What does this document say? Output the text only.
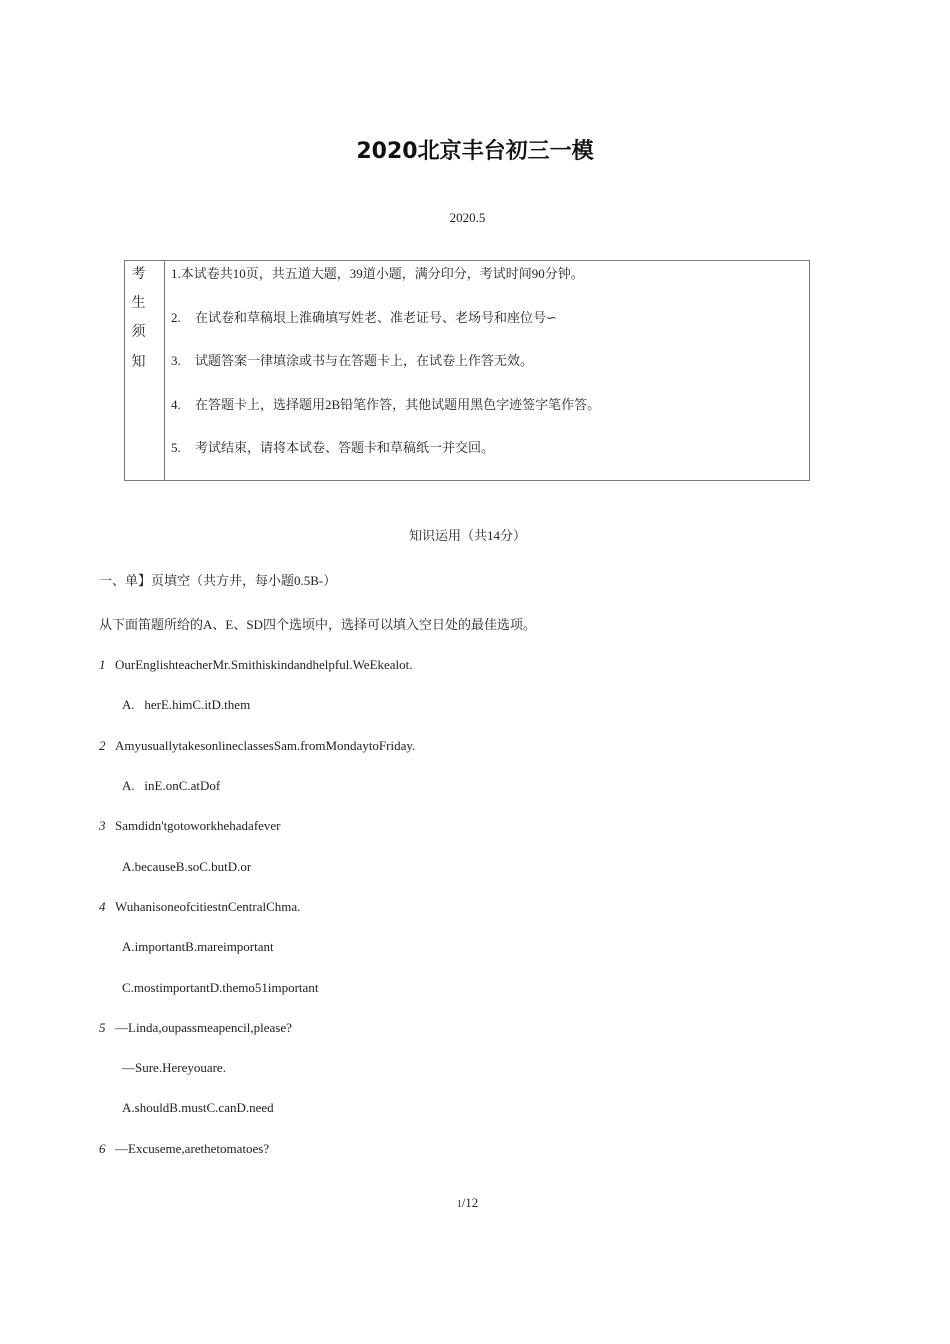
2020北京丰台初三一模
2020.5
考
生
须
知
1.本试卷共10页，共五道大题，39道小题，满分印分，考试时间90分钟。
2. 在试卷和草稿垠上淮确填写姓老、准老证号、老场号和座位号∽
3. 试题答案一律填涂或书与在答题卡上，在试卷上作答无效。
4. 在答题卡上，选择题用2B铅笔作答，其他试题用黑色字迹签字笔作答。
5. 考试结束，请将本试卷、答题卡和草稿纸一并交回。
知识运用（共14分）
一、单】页填空（共方井，每小题0.5B-）
从下面笛题所给的A、E、SD四个选顷中，选择可以填入空日处的最佳选项。
1 OurEnglishteacherMr.Smithiskindandhelpful.WeEkealot.
A.   herE.himC.itD.them
2 AmyusuallytakesonlineclassesSam.fromMondaytoFriday.
A.   inE.onC.atDof
3 Samdidn'tgotoworkhehadafever
A.becauseB.soC.butD.or
4 WuhanisoneofcitiestnCentralChma.
A.importantB.mareimportant
C.mostimportantD.themo51important
5 —Linda,oupassmeapencil,please?
—Sure.Hereyouare.
A.shouldB.mustC.canD.need
6 —Excuseme,arethetomatoes?
1/12
